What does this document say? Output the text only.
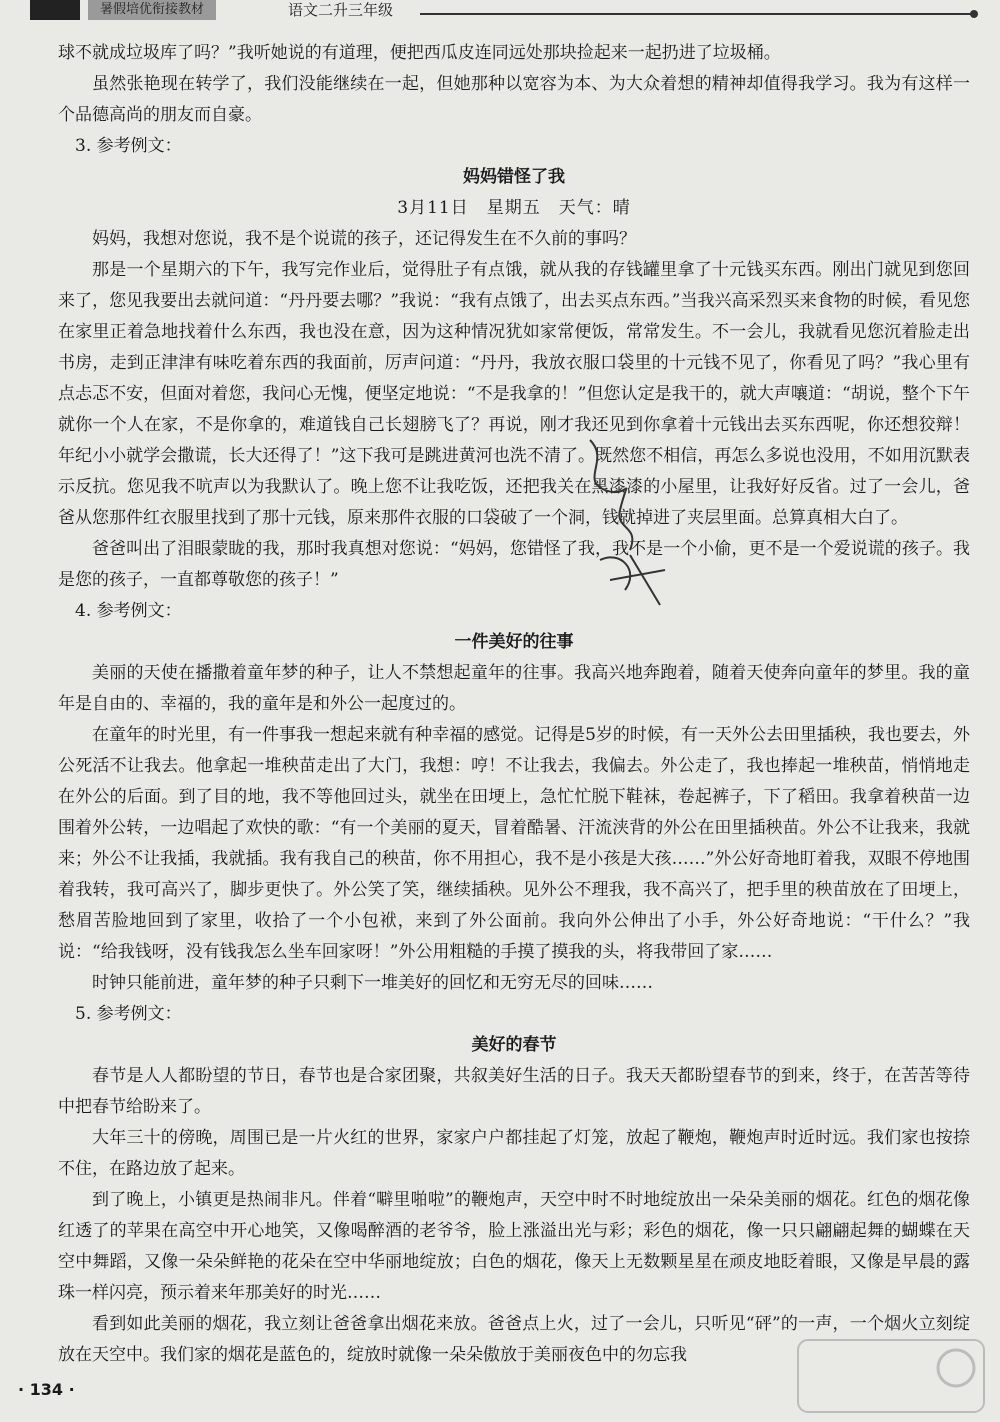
暑假培优衔接教材	语文二升三年级

球不就成垃圾库了吗？”我听她说的有道理，便把西瓜皮连同远处那块捡起来一起扔进了垃圾桶。

虽然张艳现在转学了，我们没能继续在一起，但她那种以宽容为本、为大众着想的精神却值得我学习。我为有这样一个品德高尚的朋友而自豪。

3. 参考例文：

妈妈错怪了我

3月11日　星期五　天气：晴

妈妈，我想对您说，我不是个说谎的孩子，还记得发生在不久前的事吗？

那是一个星期六的下午，我写完作业后，觉得肚子有点饿，就从我的存钱罐里拿了十元钱买东西。刚出门就见到您回来了，您见我要出去就问道：“丹丹要去哪？”我说：“我有点饿了，出去买点东西。”当我兴高采烈买来食物的时候，看见您在家里正着急地找着什么东西，我也没在意，因为这种情况犹如家常便饭，常常发生。不一会儿，我就看见您沉着脸走出书房，走到正津津有味吃着东西的我面前，厉声问道：“丹丹，我放衣服口袋里的十元钱不见了，你看见了吗？”我心里有点忐忑不安，但面对着您，我问心无愧，便坚定地说：“不是我拿的！”但您认定是我干的，就大声嚷道：“胡说，整个下午就你一个人在家，不是你拿的，难道钱自己长翅膀飞了？再说，刚才我还见到你拿着十元钱出去买东西呢，你还想狡辩！年纪小小就学会撒谎，长大还得了！”这下我可是跳进黄河也洗不清了。既然您不相信，再怎么多说也没用，不如用沉默表示反抗。您见我不吭声以为我默认了。晚上您不让我吃饭，还把我关在黑漆漆的小屋里，让我好好反省。过了一会儿，爸爸从您那件红衣服里找到了那十元钱，原来那件衣服的口袋破了一个洞，钱就掉进了夹层里面。总算真相大白了。

爸爸叫出了泪眼蒙眬的我，那时我真想对您说：“妈妈，您错怪了我，我不是一个小偷，更不是一个爱说谎的孩子。我是您的孩子，一直都尊敬您的孩子！”

4. 参考例文：

一件美好的往事

美丽的天使在播撒着童年梦的种子，让人不禁想起童年的往事。我高兴地奔跑着，随着天使奔向童年的梦里。我的童年是自由的、幸福的，我的童年是和外公一起度过的。

在童年的时光里，有一件事我一想起来就有种幸福的感觉。记得是5岁的时候，有一天外公去田里插秧，我也要去，外公死活不让我去。他拿起一堆秧苗走出了大门，我想：哼！不让我去，我偏去。外公走了，我也捧起一堆秧苗，悄悄地走在外公的后面。到了目的地，我不等他回过头，就坐在田埂上，急忙忙脱下鞋袜，卷起裤子，下了稻田。我拿着秧苗一边围着外公转，一边唱起了欢快的歌：“有一个美丽的夏天，冒着酷暑、汗流浃背的外公在田里插秧苗。外公不让我来，我就来；外公不让我插，我就插。我有我自己的秧苗，你不用担心，我不是小孩是大孩……”外公好奇地盯着我，双眼不停地围着我转，我可高兴了，脚步更快了。外公笑了笑，继续插秧。见外公不理我，我不高兴了，把手里的秧苗放在了田埂上，愁眉苦脸地回到了家里，收拾了一个小包袱，来到了外公面前。我向外公伸出了小手，外公好奇地说：“干什么？”我说：“给我钱呀，没有钱我怎么坐车回家呀！”外公用粗糙的手摸了摸我的头，将我带回了家……

时钟只能前进，童年梦的种子只剩下一堆美好的回忆和无穷无尽的回味……

5. 参考例文：

美好的春节

春节是人人都盼望的节日，春节也是合家团聚，共叙美好生活的日子。我天天都盼望春节的到来，终于，在苦苦等待中把春节给盼来了。

大年三十的傍晚，周围已是一片火红的世界，家家户户都挂起了灯笼，放起了鞭炮，鞭炮声时近时远。我们家也按捺不住，在路边放了起来。

到了晚上，小镇更是热闹非凡。伴着“噼里啪啦”的鞭炮声，天空中时不时地绽放出一朵朵美丽的烟花。红色的烟花像红透了的苹果在高空中开心地笑，又像喝醉酒的老爷爷，脸上涨溢出光与彩；彩色的烟花，像一只只翩翩起舞的蝴蝶在天空中舞蹈，又像一朵朵鲜艳的花朵在空中华丽地绽放；白色的烟花，像天上无数颗星星在顽皮地眨着眼，又像是早晨的露珠一样闪亮，预示着来年那美好的时光……

看到如此美丽的烟花，我立刻让爸爸拿出烟花来放。爸爸点上火，过了一会儿，只听见“砰”的一声，一个烟火立刻绽放在天空中。我们家的烟花是蓝色的，绽放时就像一朵朵傲放于美丽夜色中的勿忘我

· 134 ·
